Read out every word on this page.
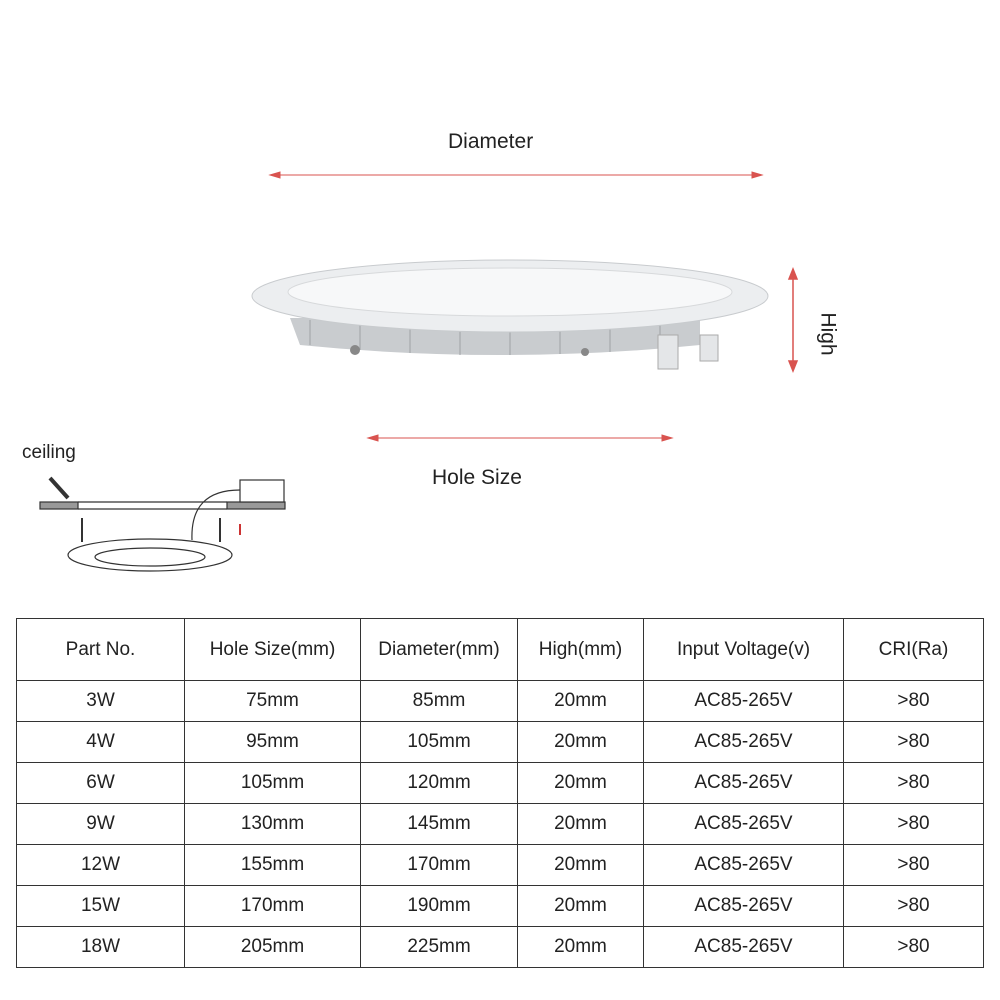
Diameter
Hole Size
High
ceiling
Part No.	Hole Size(mm)	Diameter(mm)	High(mm)	Input Voltage(v)	CRI(Ra)
3W	75mm	85mm	20mm	AC85-265V	>80
4W	95mm	105mm	20mm	AC85-265V	>80
6W	105mm	120mm	20mm	AC85-265V	>80
9W	130mm	145mm	20mm	AC85-265V	>80
12W	155mm	170mm	20mm	AC85-265V	>80
15W	170mm	190mm	20mm	AC85-265V	>80
18W	205mm	225mm	20mm	AC85-265V	>80
